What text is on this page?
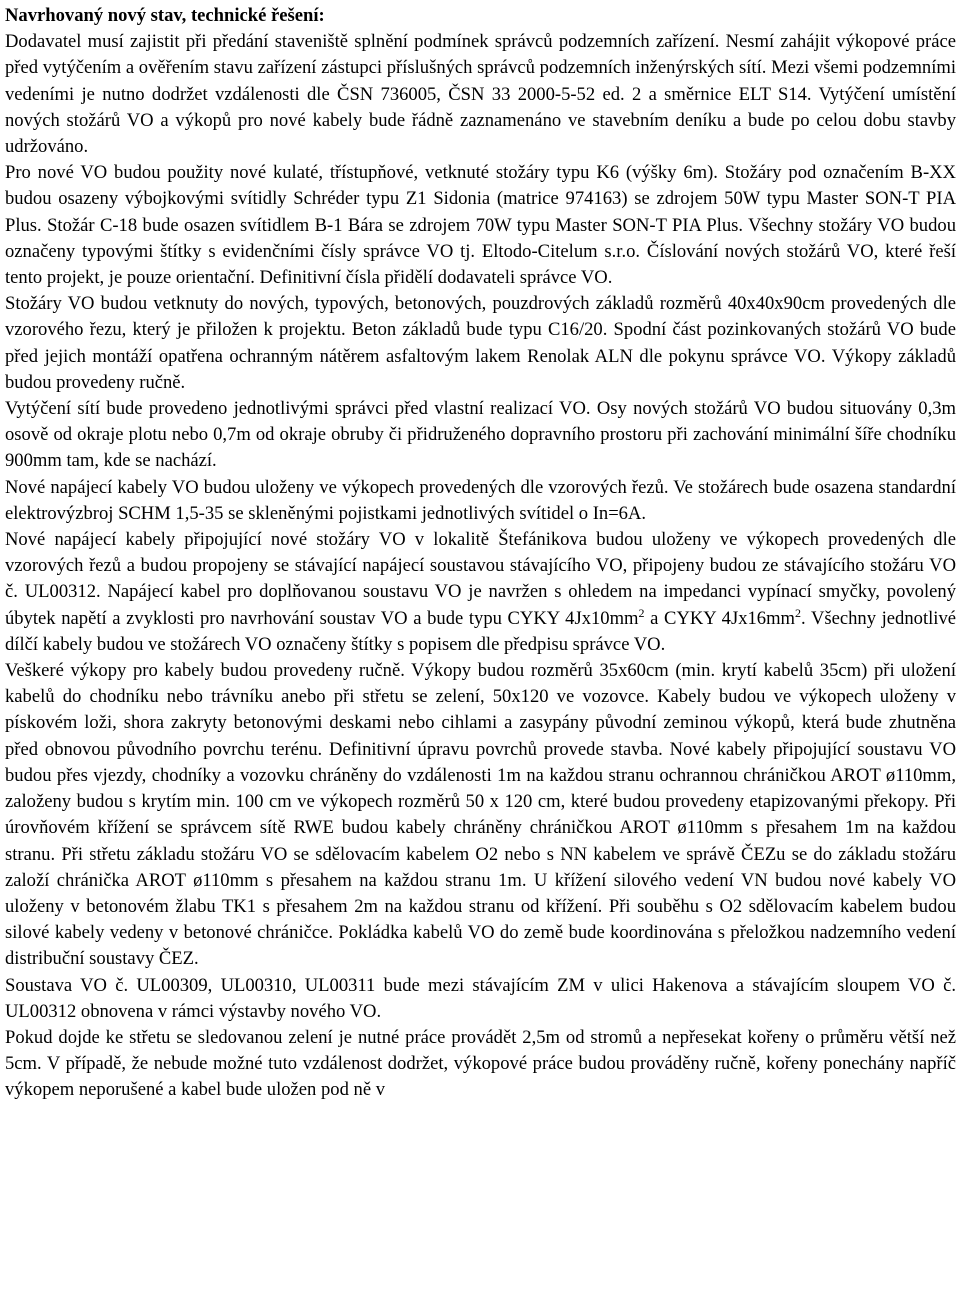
Navrhovaný nový stav, technické řešení:

Dodavatel musí zajistit při předání staveniště splnění podmínek správců podzemních zařízení. Nesmí zahájit výkopové práce před vytýčením a ověřením stavu zařízení zástupci příslušných správců podzemních inženýrských sítí. Mezi všemi podzemními vedeními je nutno dodržet vzdálenosti dle ČSN 736005, ČSN 33 2000-5-52 ed. 2 a směrnice ELT S14. Vytýčení umístění nových stožárů VO a výkopů pro nové kabely bude řádně zaznamenáno ve stavebním deníku a bude po celou dobu stavby udržováno.

Pro nové VO budou použity nové kulaté, třístupňové, vetknuté stožáry typu K6 (výšky 6m). Stožáry pod označením B-XX budou osazeny výbojkovými svítidly Schréder typu Z1 Sidonia (matrice 974163) se zdrojem 50W typu Master SON-T PIA Plus. Stožár C-18 bude osazen svítidlem B-1 Bára se zdrojem 70W typu Master SON-T PIA Plus. Všechny stožáry VO budou označeny typovými štítky s evidenčními čísly správce VO tj. Eltodo-Citelum s.r.o. Číslování nových stožárů VO, které řeší tento projekt, je pouze orientační. Definitivní čísla přidělí dodavateli správce VO.

Stožáry VO budou vetknuty do nových, typových, betonových, pouzdrových základů rozměrů 40x40x90cm provedených dle vzorového řezu, který je přiložen k projektu. Beton základů bude typu C16/20. Spodní část pozinkovaných stožárů VO bude před jejich montáží opatřena ochranným nátěrem asfaltovým lakem Renolak ALN dle pokynu správce VO. Výkopy základů budou provedeny ručně.

Vytýčení sítí bude provedeno jednotlivými správci před vlastní realizací VO. Osy nových stožárů VO budou situovány 0,3m osově od okraje plotu nebo 0,7m od okraje obruby či přidruženého dopravního prostoru při zachování minimální šíře chodníku 900mm tam, kde se nachází.

Nové napájecí kabely VO budou uloženy ve výkopech provedených dle vzorových řezů. Ve stožárech bude osazena standardní elektrovýzbroj SCHM 1,5-35 se skleněnými pojistkami jednotlivých svítidel o In=6A.

Nové napájecí kabely připojující nové stožáry VO v lokalitě Štefánikova budou uloženy ve výkopech provedených dle vzorových řezů a budou propojeny se stávající napájecí soustavou stávajícího VO, připojeny budou ze stávajícího stožáru VO č. UL00312. Napájecí kabel pro doplňovanou soustavu VO je navržen s ohledem na impedanci vypínací smyčky, povolený úbytek napětí a zvyklosti pro navrhování soustav VO a bude typu CYKY $4Jx10mm^2$ a CYKY $4Jx16mm^2$. Všechny jednotlivé dílčí kabely budou ve stožárech VO označeny štítky s popisem dle předpisu správce VO.

Veškeré výkopy pro kabely budou provedeny ručně. Výkopy budou rozměrů 35x60cm (min. krytí kabelů 35cm) při uložení kabelů do chodníku nebo trávníku anebo při střetu se zelení, 50x120 ve vozovce. Kabely budou ve výkopech uloženy v pískovém loži, shora zakryty betonovými deskami nebo cihlami a zasypány původní zeminou výkopů, která bude zhutněna před obnovou původního povrchu terénu. Definitivní úpravu povrchů provede stavba. Nové kabely připojující soustavu VO budou přes vjezdy, chodníky a vozovku chráněny do vzdálenosti 1m na každou stranu ochrannou chráničkou AROT ø110mm, založeny budou s krytím min. 100 cm ve výkopech rozměrů 50 x 120 cm, které budou provedeny etapizovanými překopy. Při úrovňovém křížení se správcem sítě RWE budou kabely chráněny chráničkou AROT ø110mm s přesahem 1m na každou stranu. Při střetu základu stožáru VO se sdělovacím kabelem O2 nebo s NN kabelem ve správě ČEZu se do základu stožáru založí chránička AROT ø110mm s přesahem na každou stranu 1m. U křížení silového vedení VN budou nové kabely VO uloženy v betonovém žlabu TK1 s přesahem 2m na každou stranu od křížení. Při souběhu s O2 sdělovacím kabelem budou silové kabely vedeny v betonové chráničce. Pokládka kabelů VO do země bude koordinována s přeložkou nadzemního vedení distribuční soustavy ČEZ.

Soustava VO č. UL00309, UL00310, UL00311 bude mezi stávajícím ZM v ulici Hakenova a stávajícím sloupem VO č. UL00312 obnovena v rámci výstavby nového VO.

Pokud dojde ke střetu se sledovanou zelení je nutné práce provádět 2,5m od stromů a nepřesekat kořeny o průměru větší než 5cm. V případě, že nebude možné tuto vzdálenost dodržet, výkopové práce budou prováděny ručně, kořeny ponechány napříč výkopem neporušené a kabel bude uložen pod ně v
